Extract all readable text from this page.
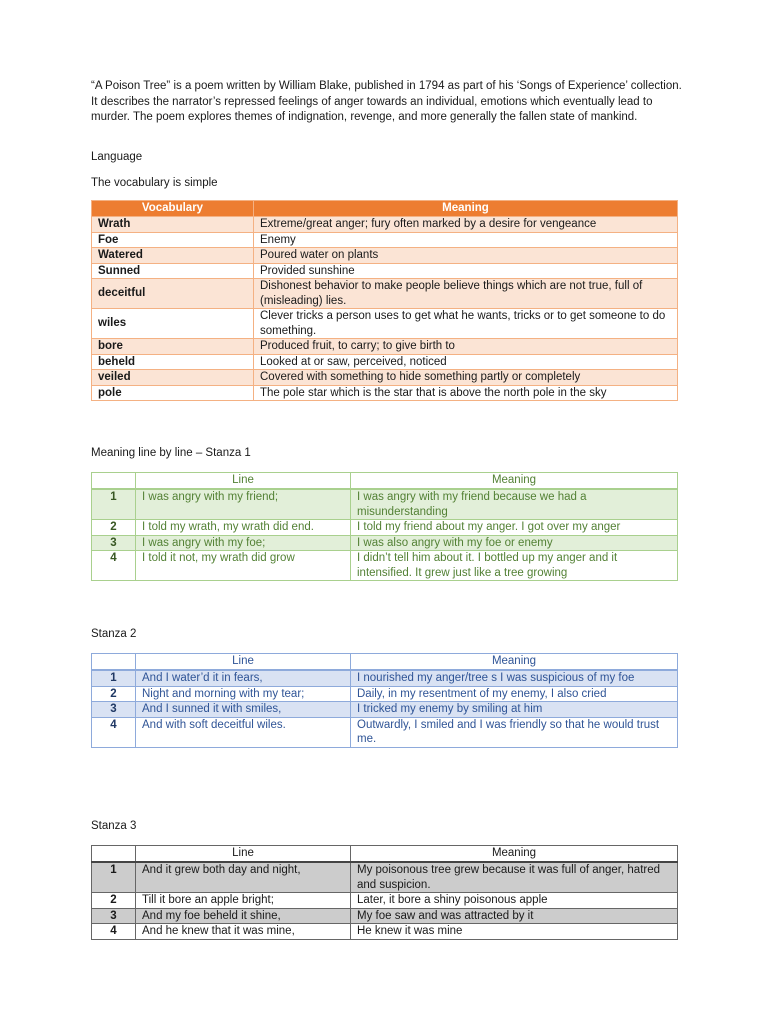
“A Poison Tree” is a poem written by William Blake, published in 1794 as part of his ‘Songs of Experience’ collection. It describes the narrator’s repressed feelings of anger towards an individual, emotions which eventually lead to murder. The poem explores themes of indignation, revenge, and more generally the fallen state of mankind.

Language

The vocabulary is simple

Vocabulary	Meaning
Wrath	Extreme/great anger; fury often marked by a desire for vengeance
Foe	Enemy
Watered	Poured water on plants
Sunned	Provided sunshine
deceitful	Dishonest behavior to make people believe things which are not true, full of (misleading) lies.
wiles	Clever tricks a person uses to get what he wants, tricks or to get someone to do something.
bore	Produced fruit, to carry; to give birth to
beheld	Looked at or saw, perceived, noticed
veiled	Covered with something to hide something partly or completely
pole	The pole star which is the star that is above the north pole in the sky

Meaning line by line – Stanza 1

	Line	Meaning
1	I was angry with my friend;	I was angry with my friend because we had a misunderstanding
2	I told my wrath, my wrath did end.	I told my friend about my anger. I got over my anger
3	I was angry with my foe;	I was also angry with my foe or enemy
4	I told it not, my wrath did grow	I didn’t tell him about it. I bottled up my anger and it intensified. It grew just like a tree growing

Stanza 2

	Line	Meaning
1	And I water’d it in fears,	I nourished my anger/tree s I was suspicious of my foe
2	Night and morning with my tear;	Daily, in my resentment of my enemy, I also cried
3	And I sunned it with smiles,	I tricked my enemy by smiling at him
4	And with soft deceitful wiles.	Outwardly, I smiled and I was friendly so that he would trust me.

Stanza 3

	Line	Meaning
1	And it grew both day and night,	My poisonous tree grew because it was full of anger, hatred and suspicion.
2	Till it bore an apple bright;	Later, it bore a shiny poisonous apple
3	And my foe beheld it shine,	My foe saw and was attracted by it
4	And he knew that it was mine,	He knew it was mine
